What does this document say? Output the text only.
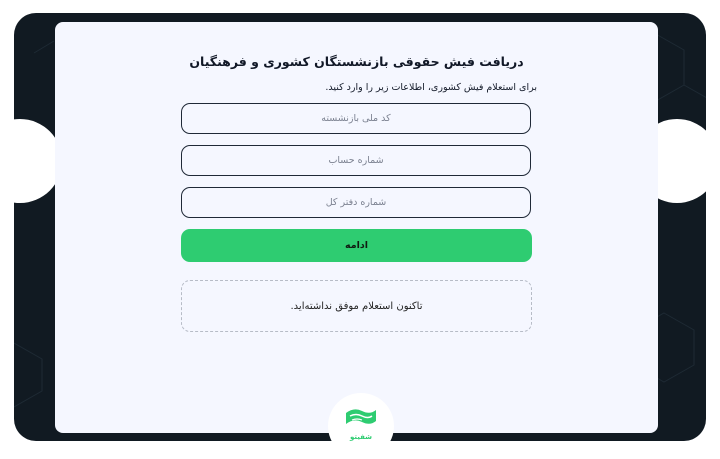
دریافت فیش حقوقی بازنشستگان کشوری و فرهنگیان
برای استعلام فیش کشوری، اطلاعات زیر را وارد کنید.
کد ملی بازنشسته
شماره حساب
شماره دفتر کل
ادامه
تاکنون استعلام موفق نداشته‌اید.
شفیتو
